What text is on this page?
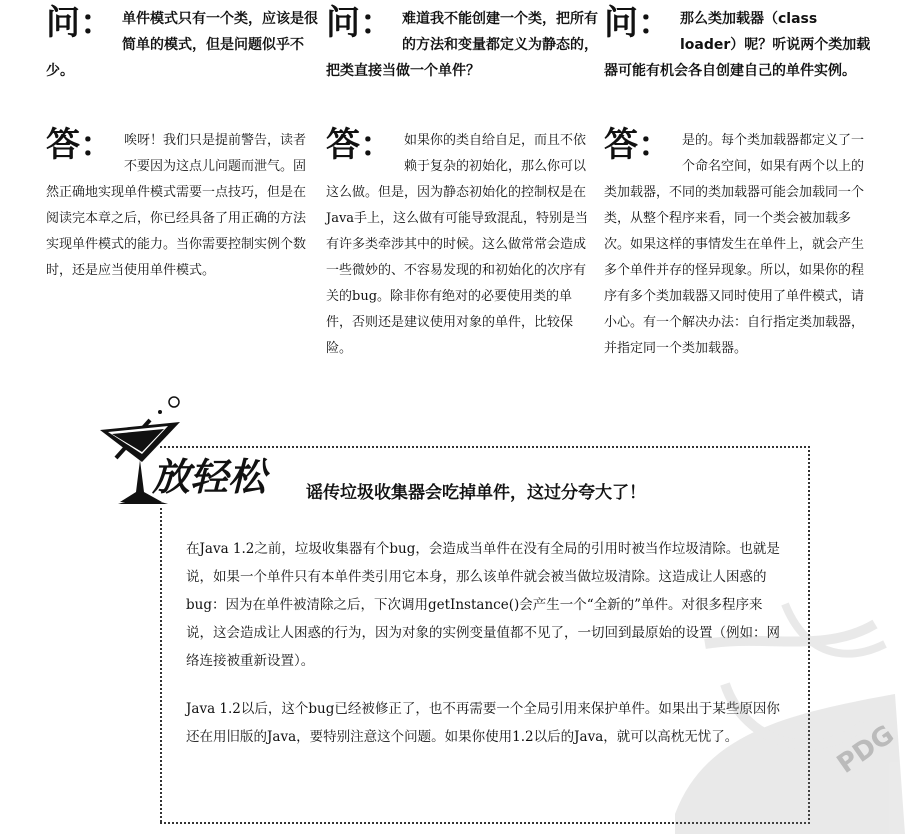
问： 单件模式只有一个类，应该是很简单的模式，但是问题似乎不少。
答： 唉呀！我们只是提前警告，读者不要因为这点儿问题而泄气。固然正确地实现单件模式需要一点技巧，但是在阅读完本章之后，你已经具备了用正确的方法实现单件模式的能力。当你需要控制实例个数时，还是应当使用单件模式。
问： 难道我不能创建一个类，把所有的方法和变量都定义为静态的，把类直接当做一个单件？
答： 如果你的类自给自足，而且不依赖于复杂的初始化，那么你可以这么做。但是，因为静态初始化的控制权是在Java手上，这么做有可能导致混乱，特别是当有许多类牵涉其中的时候。这么做常常会造成一些微妙的、不容易发现的和初始化的次序有关的bug。除非你有绝对的必要使用类的单件，否则还是建议使用对象的单件，比较保险。
问： 那么类加载器（class loader）呢？听说两个类加载器可能有机会各自创建自己的单件实例。
答： 是的。每个类加载器都定义了一个命名空间，如果有两个以上的类加载器，不同的类加载器可能会加载同一个类，从整个程序来看，同一个类会被加载多次。如果这样的事情发生在单件上，就会产生多个单件并存的怪异现象。所以，如果你的程序有多个类加载器又同时使用了单件模式，请小心。有一个解决办法：自行指定类加载器，并指定同一个类加载器。
放轻松 谣传垃圾收集器会吃掉单件，这过分夸大了！

在Java 1.2之前，垃圾收集器有个bug，会造成当单件在没有全局的引用时被当作垃圾清除。也就是说，如果一个单件只有本单件类引用它本身，那么该单件就会被当做垃圾清除。这造成让人困惑的bug：因为在单件被清除之后，下次调用getInstance()会产生一个“全新的”单件。对很多程序来说，这会造成让人困惑的行为，因为对象的实例变量值都不见了，一切回到最原始的设置（例如：网络连接被重新设置）。

Java 1.2以后，这个bug已经被修正了，也不再需要一个全局引用来保护单件。如果出于某些原因你还在用旧版的Java，要特别注意这个问题。如果你使用1.2以后的Java，就可以高枕无忧了。	PDG
